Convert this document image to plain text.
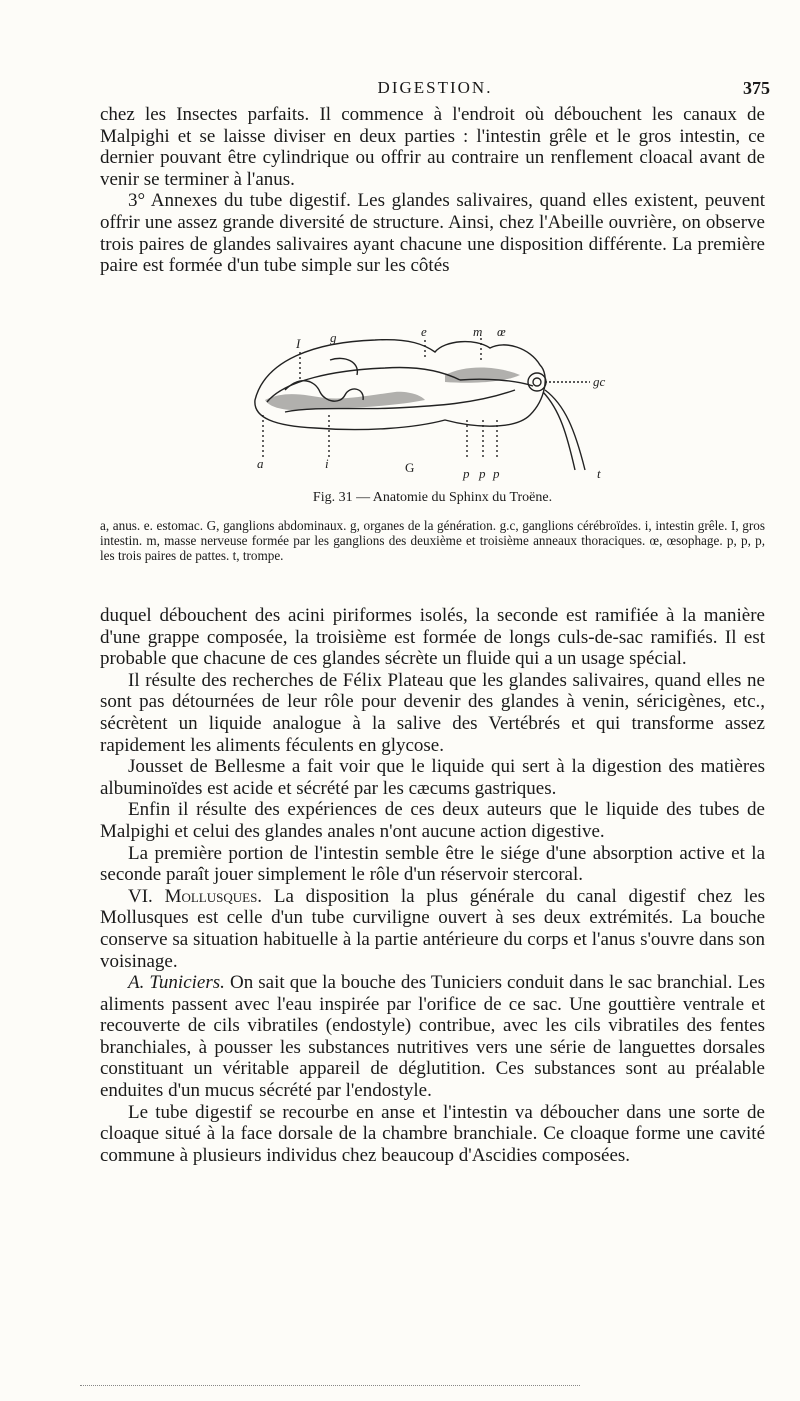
DIGESTION.	375

chez les Insectes parfaits. Il commence à l'endroit où débouchent les canaux de Malpighi et se laisse diviser en deux parties : l'intestin grêle et le gros intestin, ce dernier pouvant être cylindrique ou offrir au contraire un renflement cloacal avant de venir se terminer à l'anus.

3° Annexes du tube digestif. Les glandes salivaires, quand elles existent, peuvent offrir une assez grande diversité de structure. Ainsi, chez l'Abeille ouvrière, on observe trois paires de glandes salivaires ayant chacune une disposition différente. La première paire est formée d'un tube simple sur les côtés

I g	e	m œ
gc
a	i	G	p p p	t
Fig. 31 — Anatomie du Sphinx du Troëne.
a, anus. e. estomac. G, ganglions abdominaux. g, organes de la génération. g.c, ganglions cérébroïdes. i, intestin grêle. I, gros intestin. m, masse nerveuse formée par les ganglions des deuxième et troisième anneaux thoraciques. œ, œsophage. p, p, p, les trois paires de pattes. t, trompe.

duquel débouchent des acini piriformes isolés, la seconde est ramifiée à la manière d'une grappe composée, la troisième est formée de longs culs-de-sac ramifiés. Il est probable que chacune de ces glandes sécrète un fluide qui a un usage spécial.

Il résulte des recherches de Félix Plateau que les glandes salivaires, quand elles ne sont pas détournées de leur rôle pour devenir des glandes à venin, séricigènes, etc., sécrètent un liquide analogue à la salive des Vertébrés et qui transforme assez rapidement les aliments féculents en glycose.

Jousset de Bellesme a fait voir que le liquide qui sert à la digestion des matières albuminoïdes est acide et sécrété par les cæcums gastriques.

Enfin il résulte des expériences de ces deux auteurs que le liquide des tubes de Malpighi et celui des glandes anales n'ont aucune action digestive.

La première portion de l'intestin semble être le siége d'une absorption active et la seconde paraît jouer simplement le rôle d'un réservoir stercoral.

VI. Mollusques. La disposition la plus générale du canal digestif chez les Mollusques est celle d'un tube curviligne ouvert à ses deux extrémités. La bouche conserve sa situation habituelle à la partie antérieure du corps et l'anus s'ouvre dans son voisinage.

A. Tuniciers. On sait que la bouche des Tuniciers conduit dans le sac branchial. Les aliments passent avec l'eau inspirée par l'orifice de ce sac. Une gouttière ventrale et recouverte de cils vibratiles (endostyle) contribue, avec les cils vibratiles des fentes branchiales, à pousser les substances nutritives vers une série de languettes dorsales constituant un véritable appareil de déglutition. Ces substances sont au préalable enduites d'un mucus sécrété par l'endostyle.

Le tube digestif se recourbe en anse et l'intestin va déboucher dans une sorte de cloaque situé à la face dorsale de la chambre branchiale. Ce cloaque forme une cavité commune à plusieurs individus chez beaucoup d'Ascidies composées.
